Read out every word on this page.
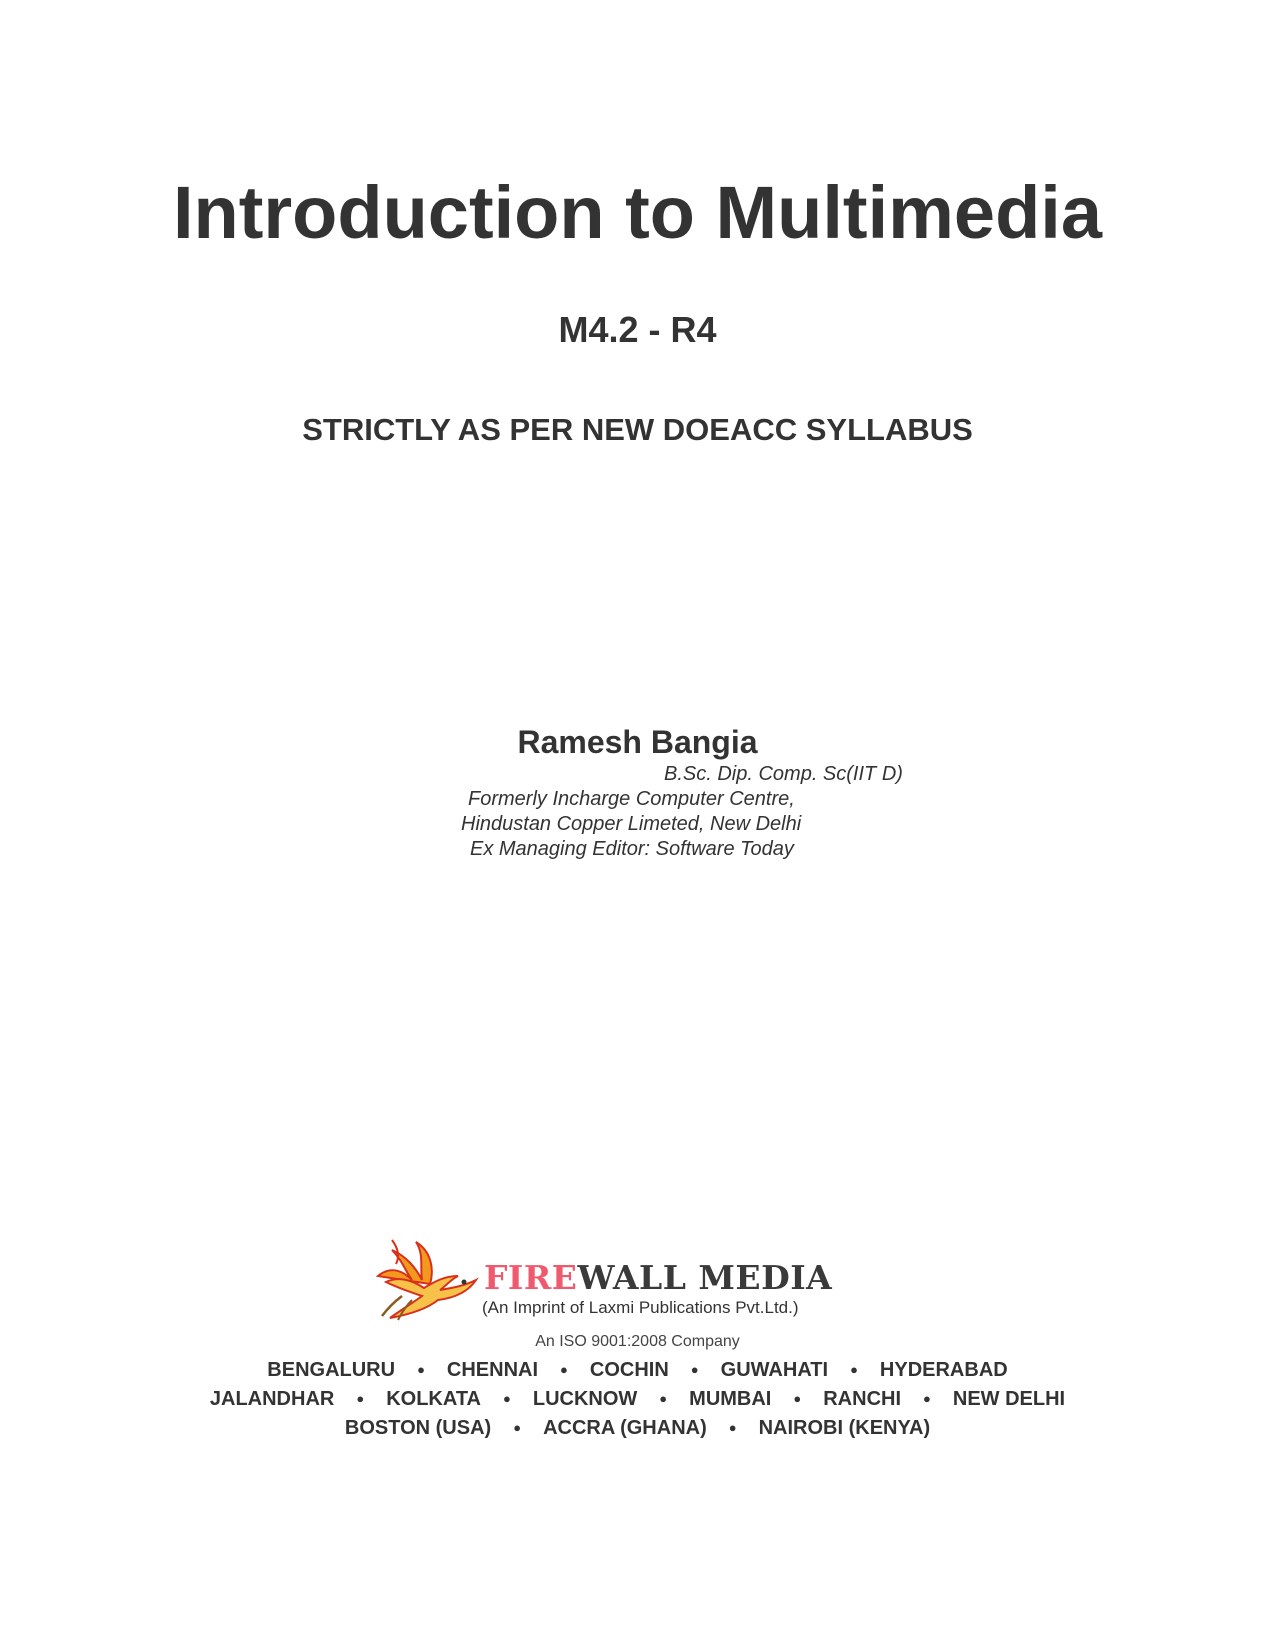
Introduction to Multimedia
M4.2 - R4
STRICTLY AS PER NEW DOEACC SYLLABUS
Ramesh Bangia
B.Sc. Dip. Comp. Sc(IIT D)
Formerly Incharge Computer Centre,
Hindustan Copper Limeted, New Delhi
Ex Managing Editor: Software Today
FIREWALL MEDIA
(An Imprint of Laxmi Publications Pvt.Ltd.)
An ISO 9001:2008 Company
BENGALURU ● CHENNAI ● COCHIN ● GUWAHATI ● HYDERABAD
JALANDHAR ● KOLKATA ● LUCKNOW ● MUMBAI ● RANCHI ● NEW DELHI
BOSTON (USA) ● ACCRA (GHANA) ● NAIROBI (KENYA)
